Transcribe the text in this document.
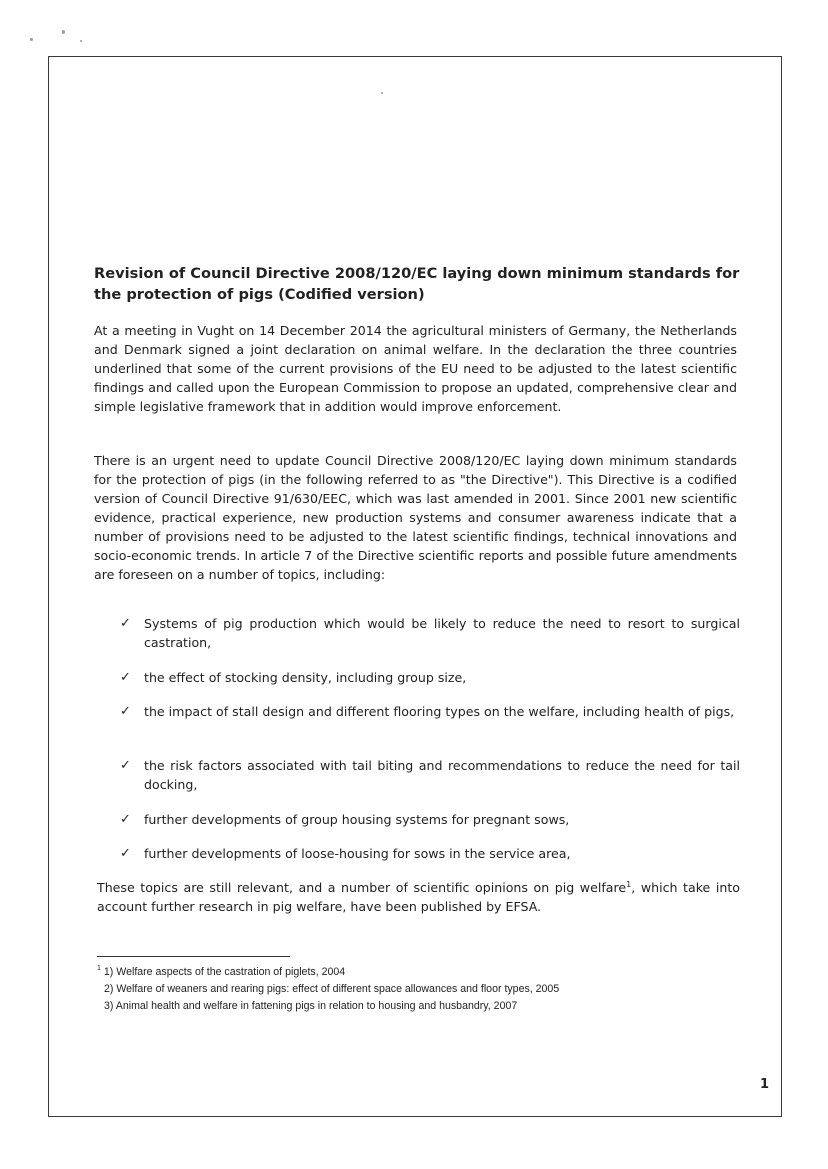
Revision of Council Directive 2008/120/EC laying down minimum standards for the protection of pigs (Codified version)

At a meeting in Vught on 14 December 2014 the agricultural ministers of Germany, the Netherlands and Denmark signed a joint declaration on animal welfare. In the declaration the three countries underlined that some of the current provisions of the EU need to be adjusted to the latest scientific findings and called upon the European Commission to propose an updated, comprehensive clear and simple legislative framework that in addition would improve enforcement.

There is an urgent need to update Council Directive 2008/120/EC laying down minimum standards for the protection of pigs (in the following referred to as "the Directive"). This Directive is a codified version of Council Directive 91/630/EEC, which was last amended in 2001. Since 2001 new scientific evidence, practical experience, new production systems and consumer awareness indicate that a number of provisions need to be adjusted to the latest scientific findings, technical innovations and socio-economic trends. In article 7 of the Directive scientific reports and possible future amendments are foreseen on a number of topics, including:

✓ Systems of pig production which would be likely to reduce the need to resort to surgical castration,
✓ the effect of stocking density, including group size,
✓ the impact of stall design and different flooring types on the welfare, including health of pigs,
✓ the risk factors associated with tail biting and recommendations to reduce the need for tail docking,
✓ further developments of group housing systems for pregnant sows,
✓ further developments of loose-housing for sows in the service area,

These topics are still relevant, and a number of scientific opinions on pig welfare$^1$, which take into account further research in pig welfare, have been published by EFSA.

$^1$ 1) Welfare aspects of the castration of piglets, 2004
2) Welfare of weaners and rearing pigs: effect of different space allowances and floor types, 2005
3) Animal health and welfare in fattening pigs in relation to housing and husbandry, 2007
1
